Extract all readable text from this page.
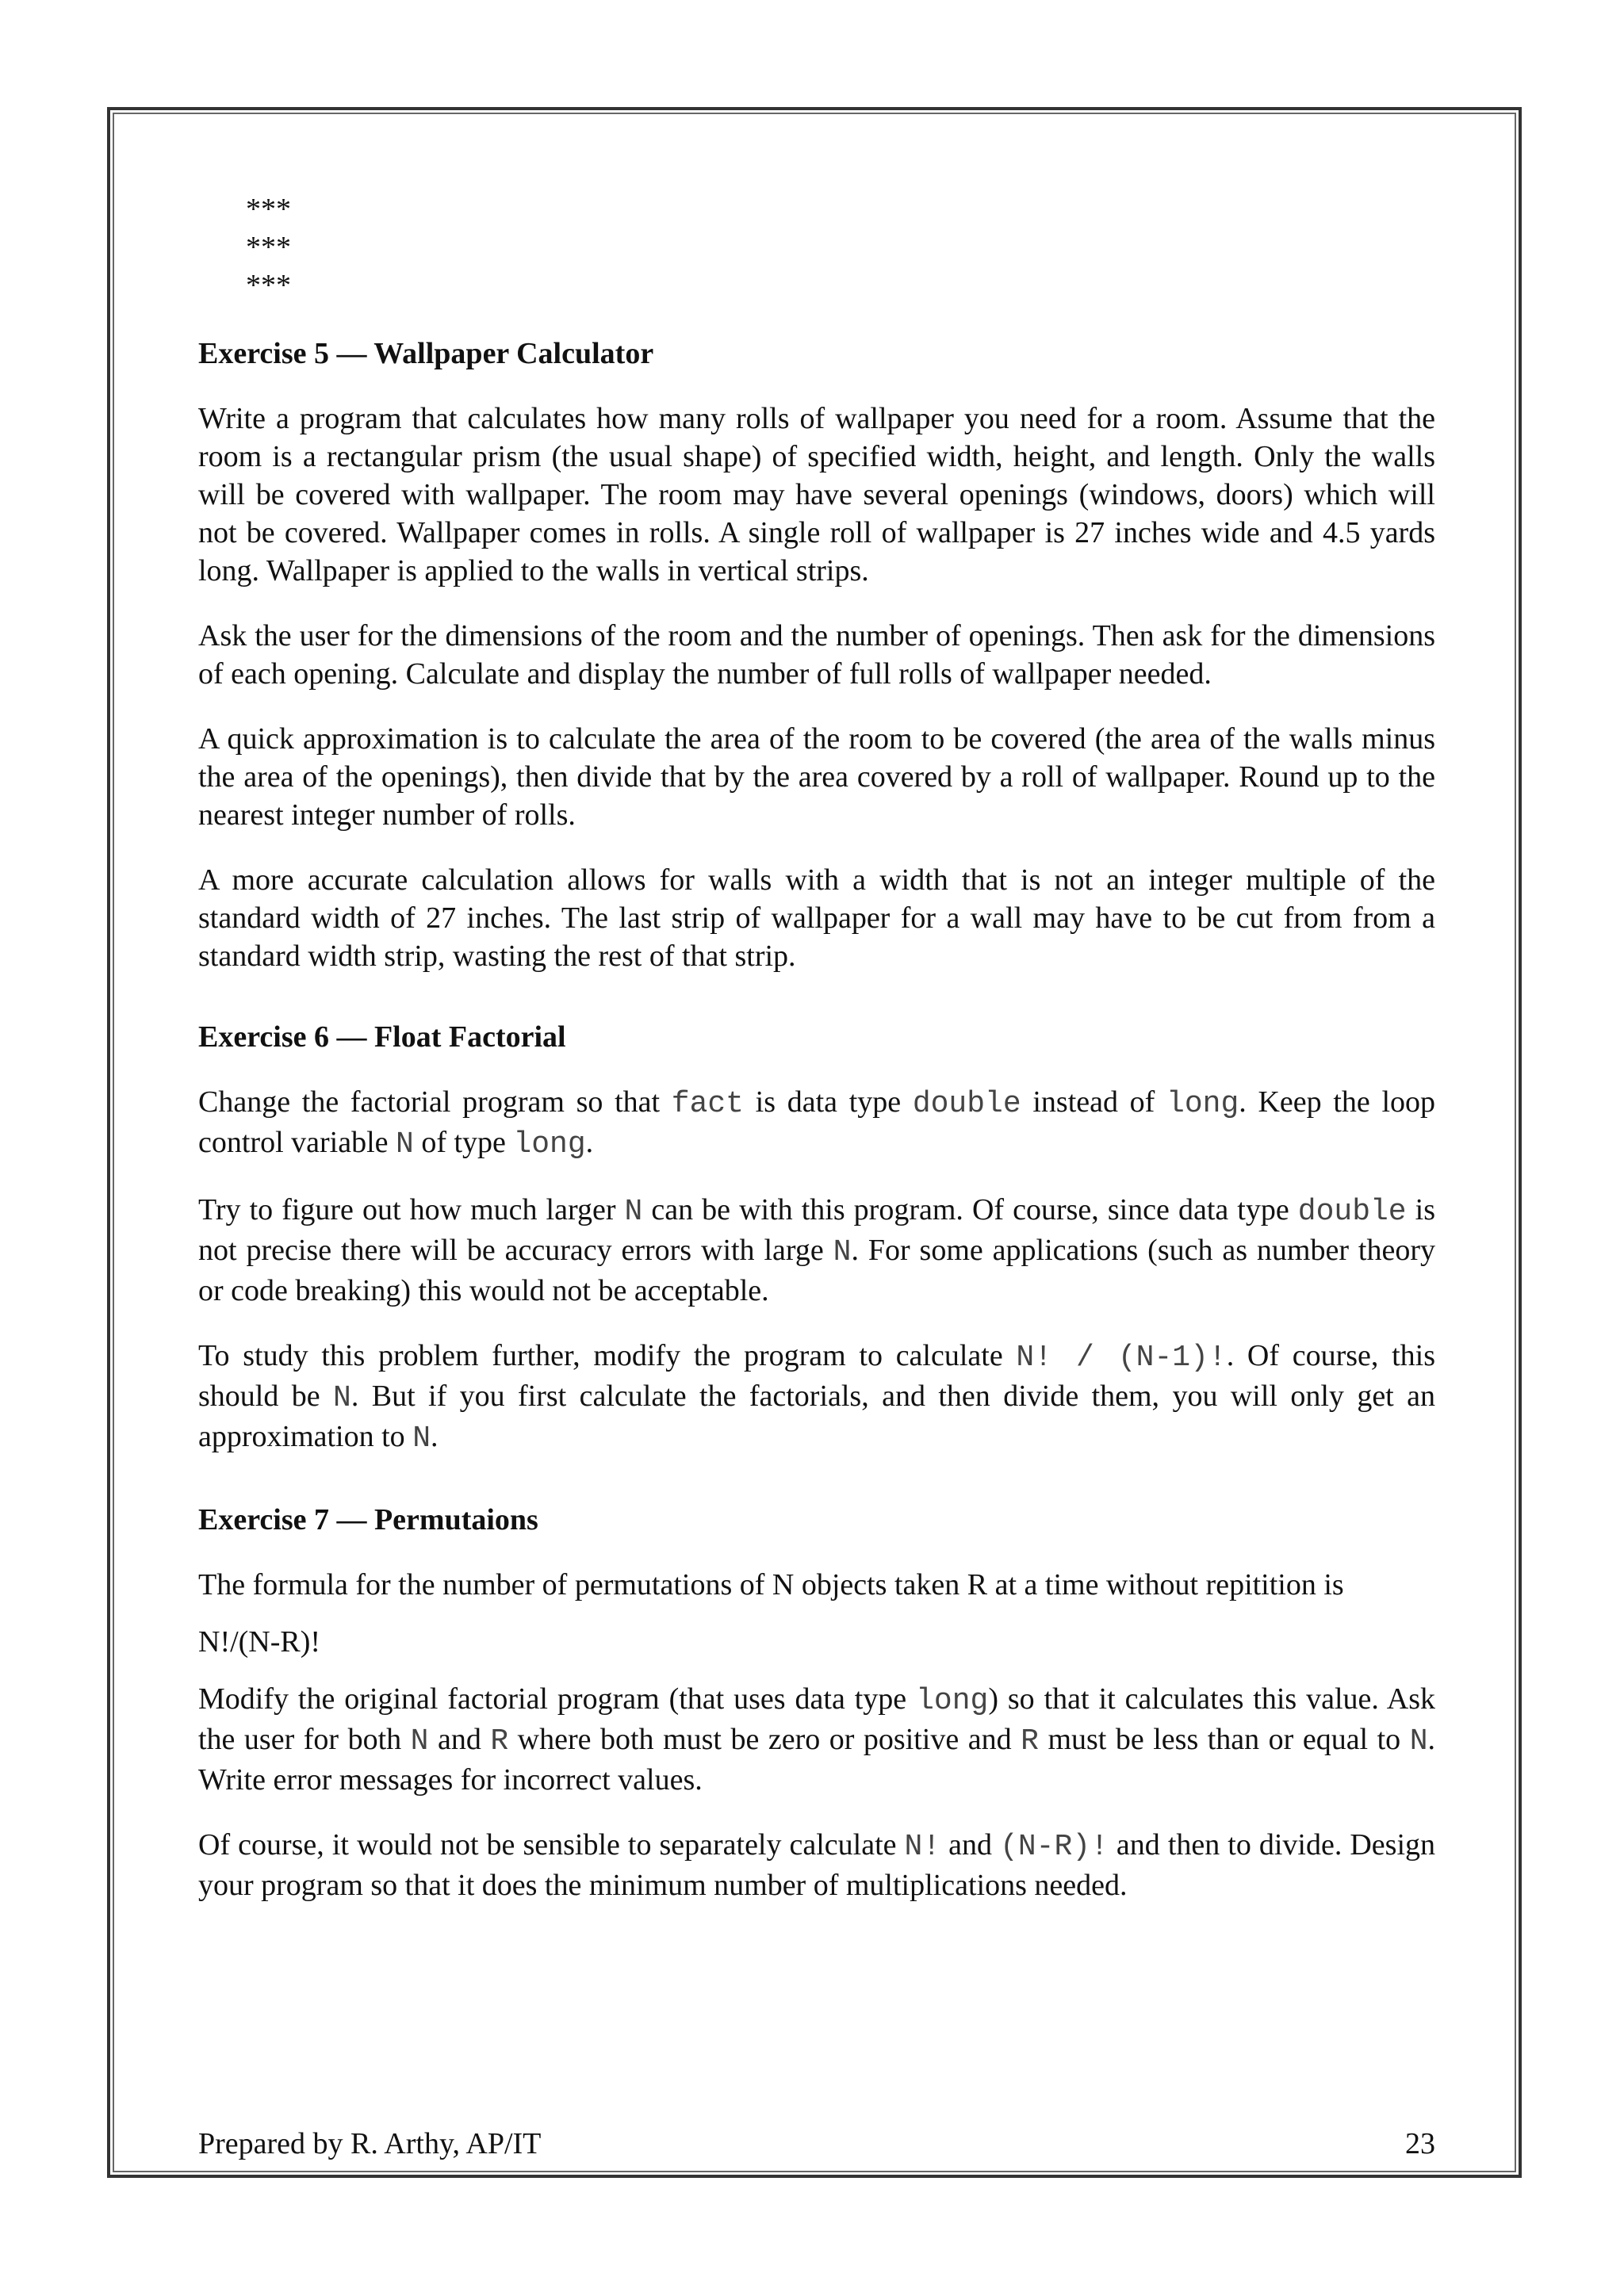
***
***
***
Exercise 5 — Wallpaper Calculator

Write a program that calculates how many rolls of wallpaper you need for a room. Assume that the room is a rectangular prism (the usual shape) of specified width, height, and length. Only the walls will be covered with wallpaper. The room may have several openings (windows, doors) which will not be covered. Wallpaper comes in rolls. A single roll of wallpaper is 27 inches wide and 4.5 yards long. Wallpaper is applied to the walls in vertical strips.

Ask the user for the dimensions of the room and the number of openings. Then ask for the dimensions of each opening. Calculate and display the number of full rolls of wallpaper needed.

A quick approximation is to calculate the area of the room to be covered (the area of the walls minus the area of the openings), then divide that by the area covered by a roll of wallpaper. Round up to the nearest integer number of rolls.

A more accurate calculation allows for walls with a width that is not an integer multiple of the standard width of 27 inches. The last strip of wallpaper for a wall may have to be cut from from a standard width strip, wasting the rest of that strip.

Exercise 6 — Float Factorial

Change the factorial program so that fact is data type double instead of long. Keep the loop control variable N of type long.

Try to figure out how much larger N can be with this program. Of course, since data type double is not precise there will be accuracy errors with large N. For some applications (such as number theory or code breaking) this would not be acceptable.

To study this problem further, modify the program to calculate N! / (N-1)!. Of course, this should be N. But if you first calculate the factorials, and then divide them, you will only get an approximation to N.

Exercise 7 — Permutaions

The formula for the number of permutations of N objects taken R at a time without repitition is

N!/(N-R)!

Modify the original factorial program (that uses data type long) so that it calculates this value. Ask the user for both N and R where both must be zero or positive and R must be less than or equal to N. Write error messages for incorrect values.

Of course, it would not be sensible to separately calculate N! and (N-R)! and then to divide. Design your program so that it does the minimum number of multiplications needed.

Prepared by R. Arthy, AP/IT	23
